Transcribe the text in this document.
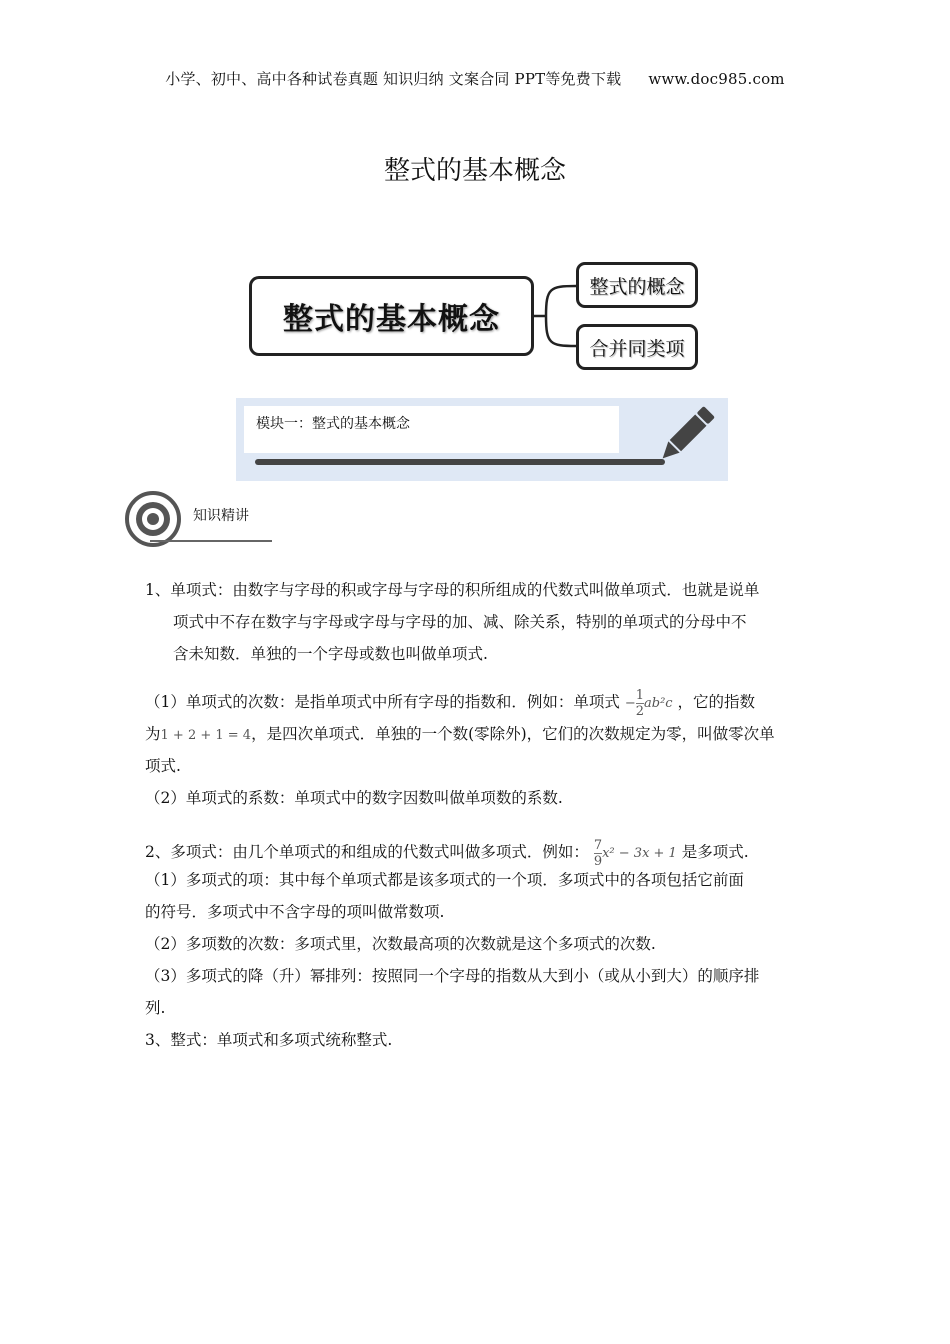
小学、初中、高中各种试卷真题 知识归纳 文案合同 PPT等免费下载 www.doc985.com
整式的基本概念
整式的基本概念
整式的概念
合并同类项
模块一：整式的基本概念
知识精讲
1、单项式：由数字与字母的积或字母与字母的积所组成的代数式叫做单项式．也就是说单
项式中不存在数字与字母或字母与字母的加、减、除关系，特别的单项式的分母中不
含未知数．单独的一个字母或数也叫做单项式.
（1）单项式的次数：是指单项式中所有字母的指数和．例如：单项式 − $\frac{1}{2} ab^2c$ ，它的指数
为1 + 2 + 1 = 4，是四次单项式．单独的一个数(零除外)，它们的次数规定为零，叫做零次单
项式.
（2）单项式的系数：单项式中的数字因数叫做单项数的系数.
2、多项式：由几个单项式的和组成的代数式叫做多项式．例如： $\frac{7}{9} x^2 - 3x + 1$ 是多项式.
（1）多项式的项：其中每个单项式都是该多项式的一个项．多项式中的各项包括它前面
的符号．多项式中不含字母的项叫做常数项.
（2）多项数的次数：多项式里，次数最高项的次数就是这个多项式的次数.
（3）多项式的降（升）幂排列：按照同一个字母的指数从大到小（或从小到大）的顺序排
列.
3、整式：单项式和多项式统称整式.
